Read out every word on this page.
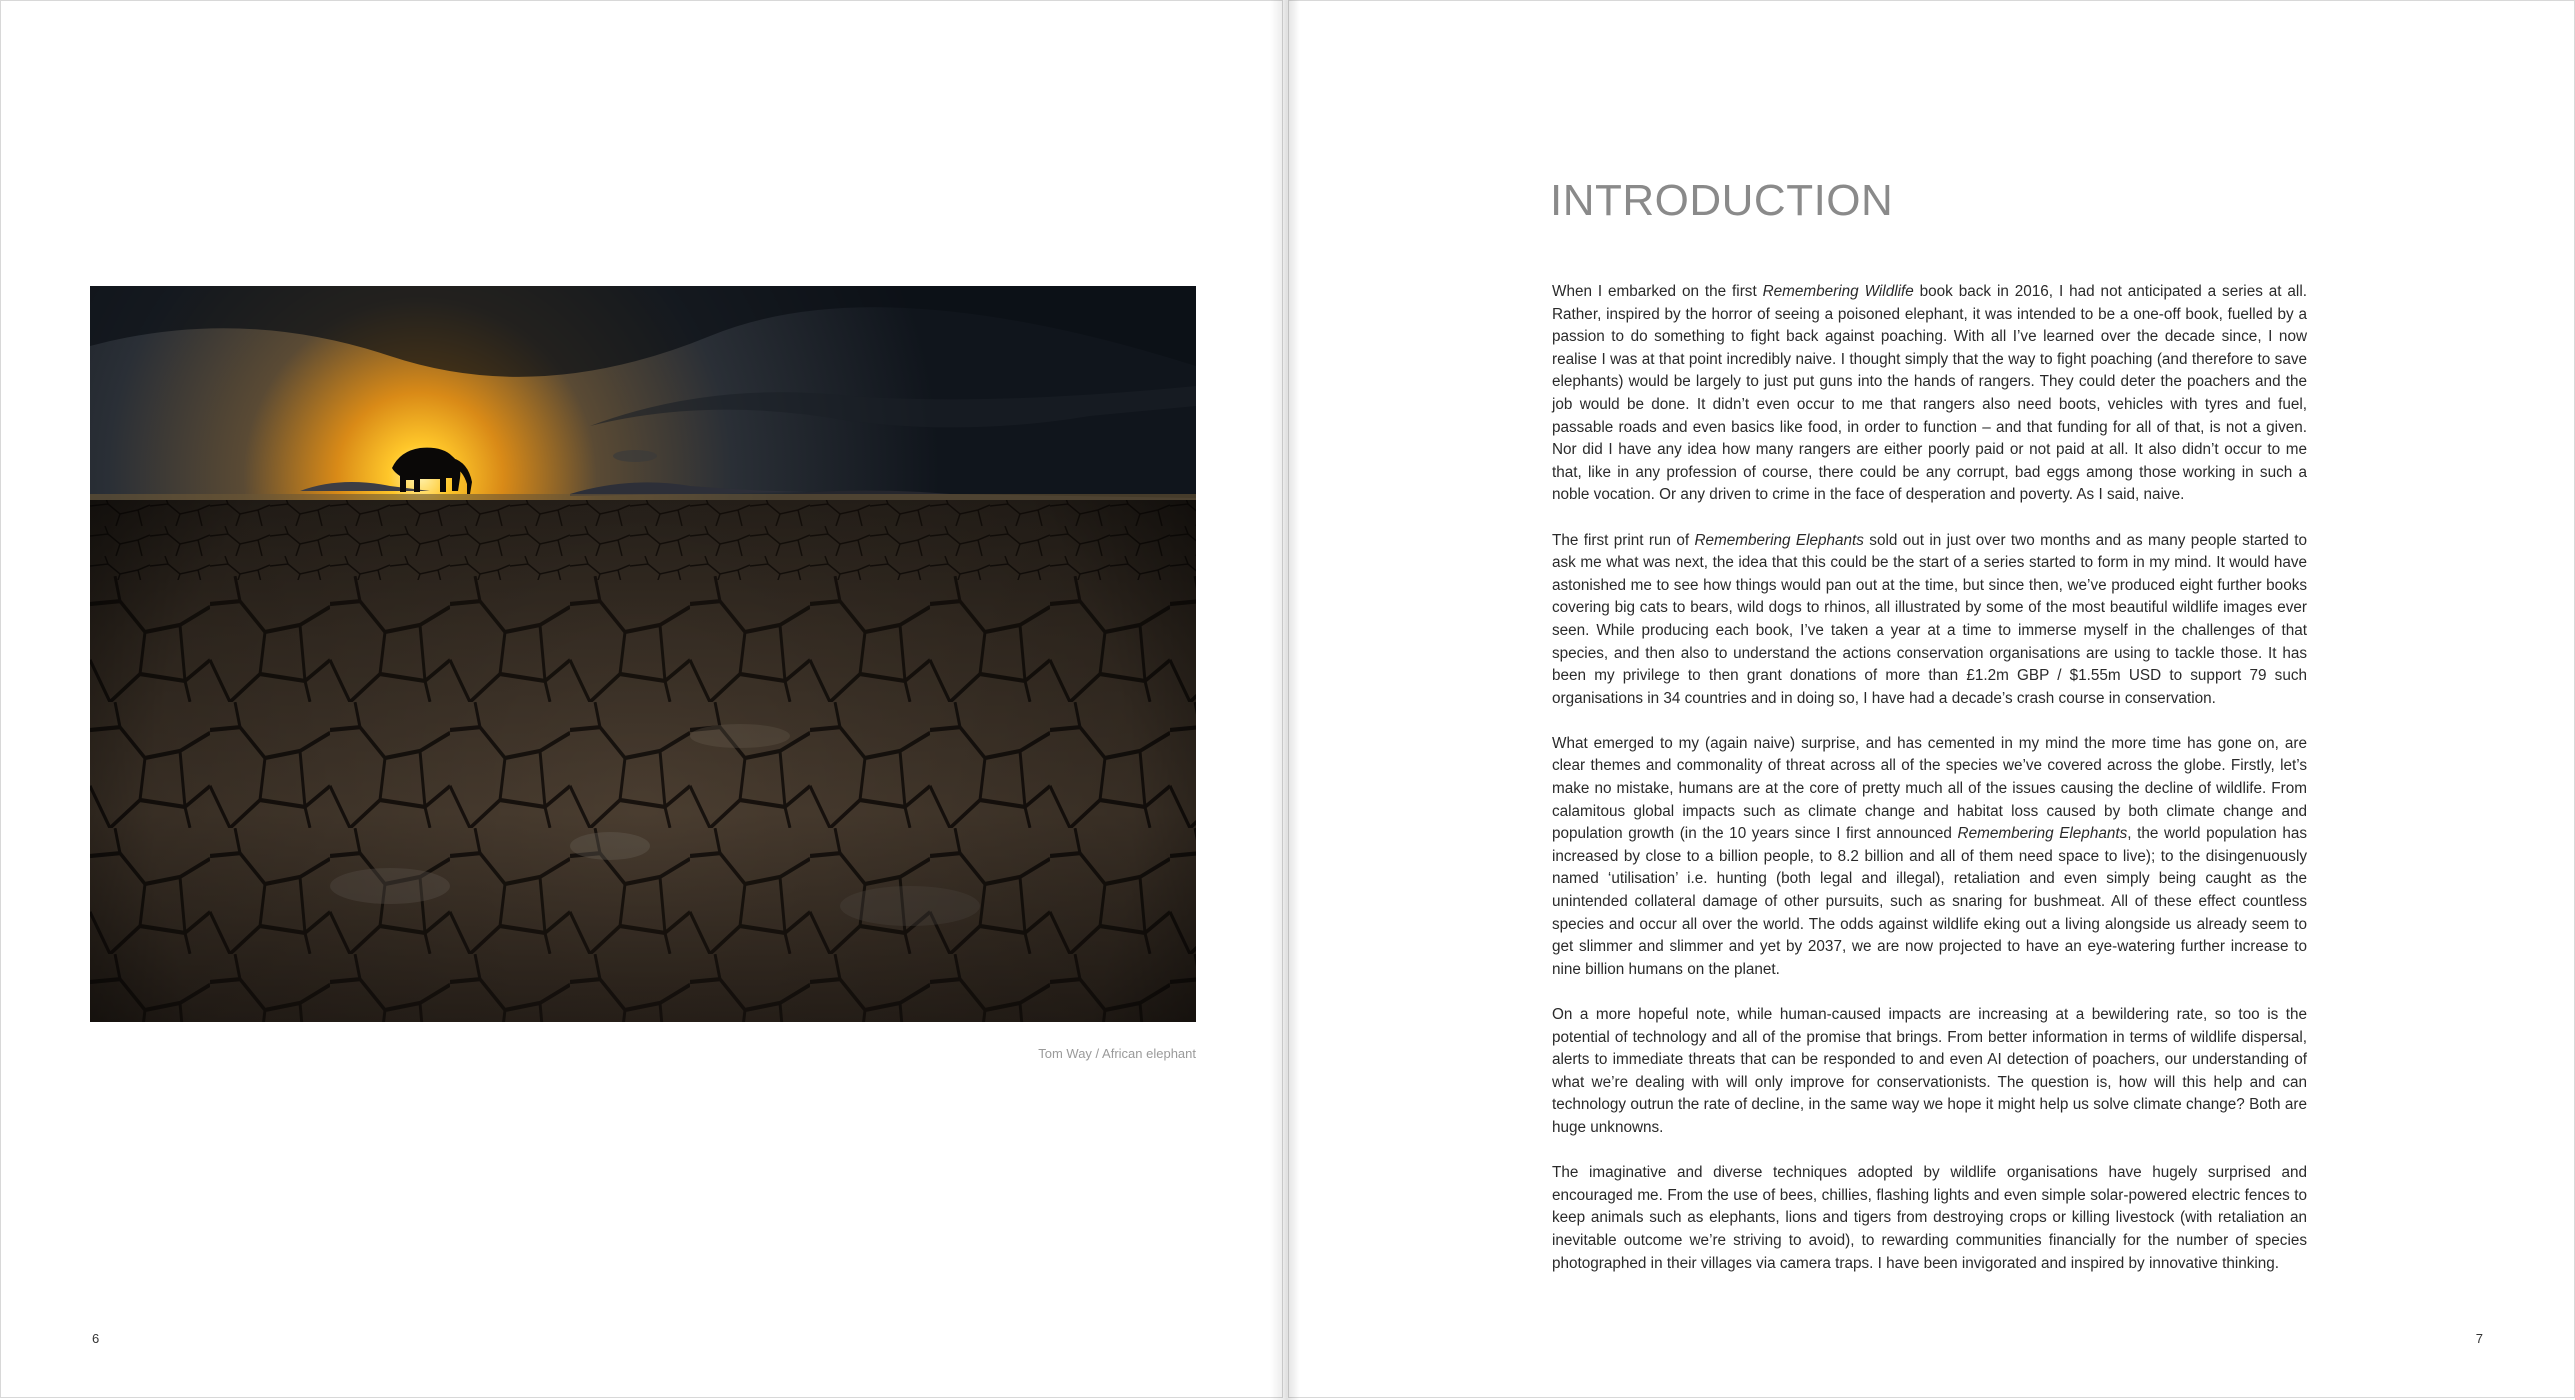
Tom Way / African elephant
6
INTRODUCTION

When I embarked on the first Remembering Wildlife book back in 2016, I had not anticipated a series at all. Rather, inspired by the horror of seeing a poisoned elephant, it was intended to be a one-off book, fuelled by a passion to do something to fight back against poaching. With all I’ve learned over the decade since, I now realise I was at that point incredibly naive. I thought simply that the way to fight poaching (and therefore to save elephants) would be largely to just put guns into the hands of rangers. They could deter the poachers and the job would be done. It didn’t even occur to me that rangers also need boots, vehicles with tyres and fuel, passable roads and even basics like food, in order to function – and that funding for all of that, is not a given. Nor did I have any idea how many rangers are either poorly paid or not paid at all. It also didn’t occur to me that, like in any profession of course, there could be any corrupt, bad eggs among those working in such a noble vocation. Or any driven to crime in the face of desperation and poverty. As I said, naive.

The first print run of Remembering Elephants sold out in just over two months and as many people started to ask me what was next, the idea that this could be the start of a series started to form in my mind. It would have astonished me to see how things would pan out at the time, but since then, we’ve produced eight further books covering big cats to bears, wild dogs to rhinos, all illustrated by some of the most beautiful wildlife images ever seen. While producing each book, I’ve taken a year at a time to immerse myself in the challenges of that species, and then also to understand the actions conservation organisations are using to tackle those. It has been my privilege to then grant donations of more than £1.2m GBP / $1.55m USD to support 79 such organisations in 34 countries and in doing so, I have had a decade’s crash course in conservation.

What emerged to my (again naive) surprise, and has cemented in my mind the more time has gone on, are clear themes and commonality of threat across all of the species we’ve covered across the globe. Firstly, let’s make no mistake, humans are at the core of pretty much all of the issues causing the decline of wildlife. From calamitous global impacts such as climate change and habitat loss caused by both climate change and population growth (in the 10 years since I first announced Remembering Elephants, the world population has increased by close to a billion people, to 8.2 billion and all of them need space to live); to the disingenuously named ‘utilisation’ i.e. hunting (both legal and illegal), retaliation and even simply being caught as the unintended collateral damage of other pursuits, such as snaring for bushmeat. All of these effect countless species and occur all over the world. The odds against wildlife eking out a living alongside us already seem to get slimmer and slimmer and yet by 2037, we are now projected to have an eye-watering further increase to nine billion humans on the planet.

On a more hopeful note, while human-caused impacts are increasing at a bewildering rate, so too is the potential of technology and all of the promise that brings. From better information in terms of wildlife dispersal, alerts to immediate threats that can be responded to and even AI detection of poachers, our understanding of what we’re dealing with will only improve for conservationists. The question is, how will this help and can technology outrun the rate of decline, in the same way we hope it might help us solve climate change? Both are huge unknowns.

The imaginative and diverse techniques adopted by wildlife organisations have hugely surprised and encouraged me. From the use of bees, chillies, flashing lights and even simple solar-powered electric fences to keep animals such as elephants, lions and tigers from destroying crops or killing livestock (with retaliation an inevitable outcome we’re striving to avoid), to rewarding communities financially for the number of species photographed in their villages via camera traps. I have been invigorated and inspired by innovative thinking.

7
